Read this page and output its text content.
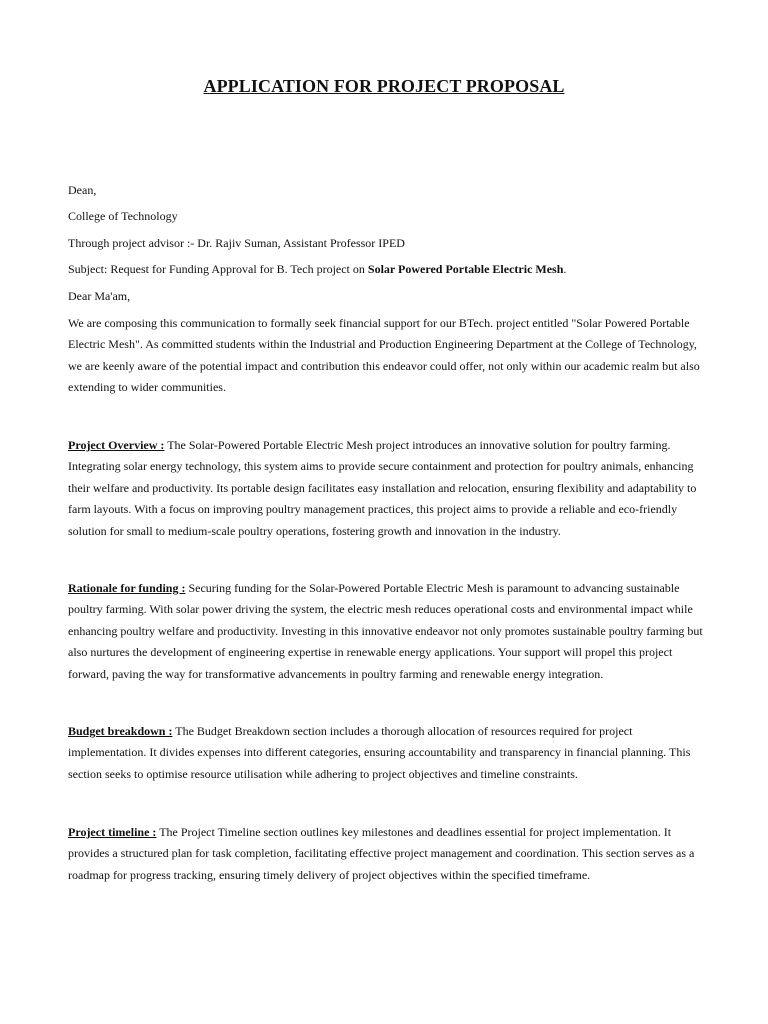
APPLICATION FOR PROJECT PROPOSAL

Dean,

College of Technology

Through project advisor :- Dr. Rajiv Suman, Assistant Professor IPED

Subject: Request for Funding Approval for B. Tech project on Solar Powered Portable Electric Mesh.

Dear Ma'am,

We are composing this communication to formally seek financial support for our BTech. project entitled "Solar Powered Portable Electric Mesh". As committed students within the Industrial and Production Engineering Department at the College of Technology, we are keenly aware of the potential impact and contribution this endeavor could offer, not only within our academic realm but also extending to wider communities.

Project Overview : The Solar-Powered Portable Electric Mesh project introduces an innovative solution for poultry farming. Integrating solar energy technology, this system aims to provide secure containment and protection for poultry animals, enhancing their welfare and productivity. Its portable design facilitates easy installation and relocation, ensuring flexibility and adaptability to farm layouts. With a focus on improving poultry management practices, this project aims to provide a reliable and eco-friendly solution for small to medium-scale poultry operations, fostering growth and innovation in the industry.

Rationale for funding : Securing funding for the Solar-Powered Portable Electric Mesh is paramount to advancing sustainable poultry farming. With solar power driving the system, the electric mesh reduces operational costs and environmental impact while enhancing poultry welfare and productivity. Investing in this innovative endeavor not only promotes sustainable poultry farming but also nurtures the development of engineering expertise in renewable energy applications. Your support will propel this project forward, paving the way for transformative advancements in poultry farming and renewable energy integration.

Budget breakdown : The Budget Breakdown section includes a thorough allocation of resources required for project implementation. It divides expenses into different categories, ensuring accountability and transparency in financial planning. This section seeks to optimise resource utilisation while adhering to project objectives and timeline constraints.

Project timeline : The Project Timeline section outlines key milestones and deadlines essential for project implementation. It provides a structured plan for task completion, facilitating effective project management and coordination. This section serves as a roadmap for progress tracking, ensuring timely delivery of project objectives within the specified timeframe.
